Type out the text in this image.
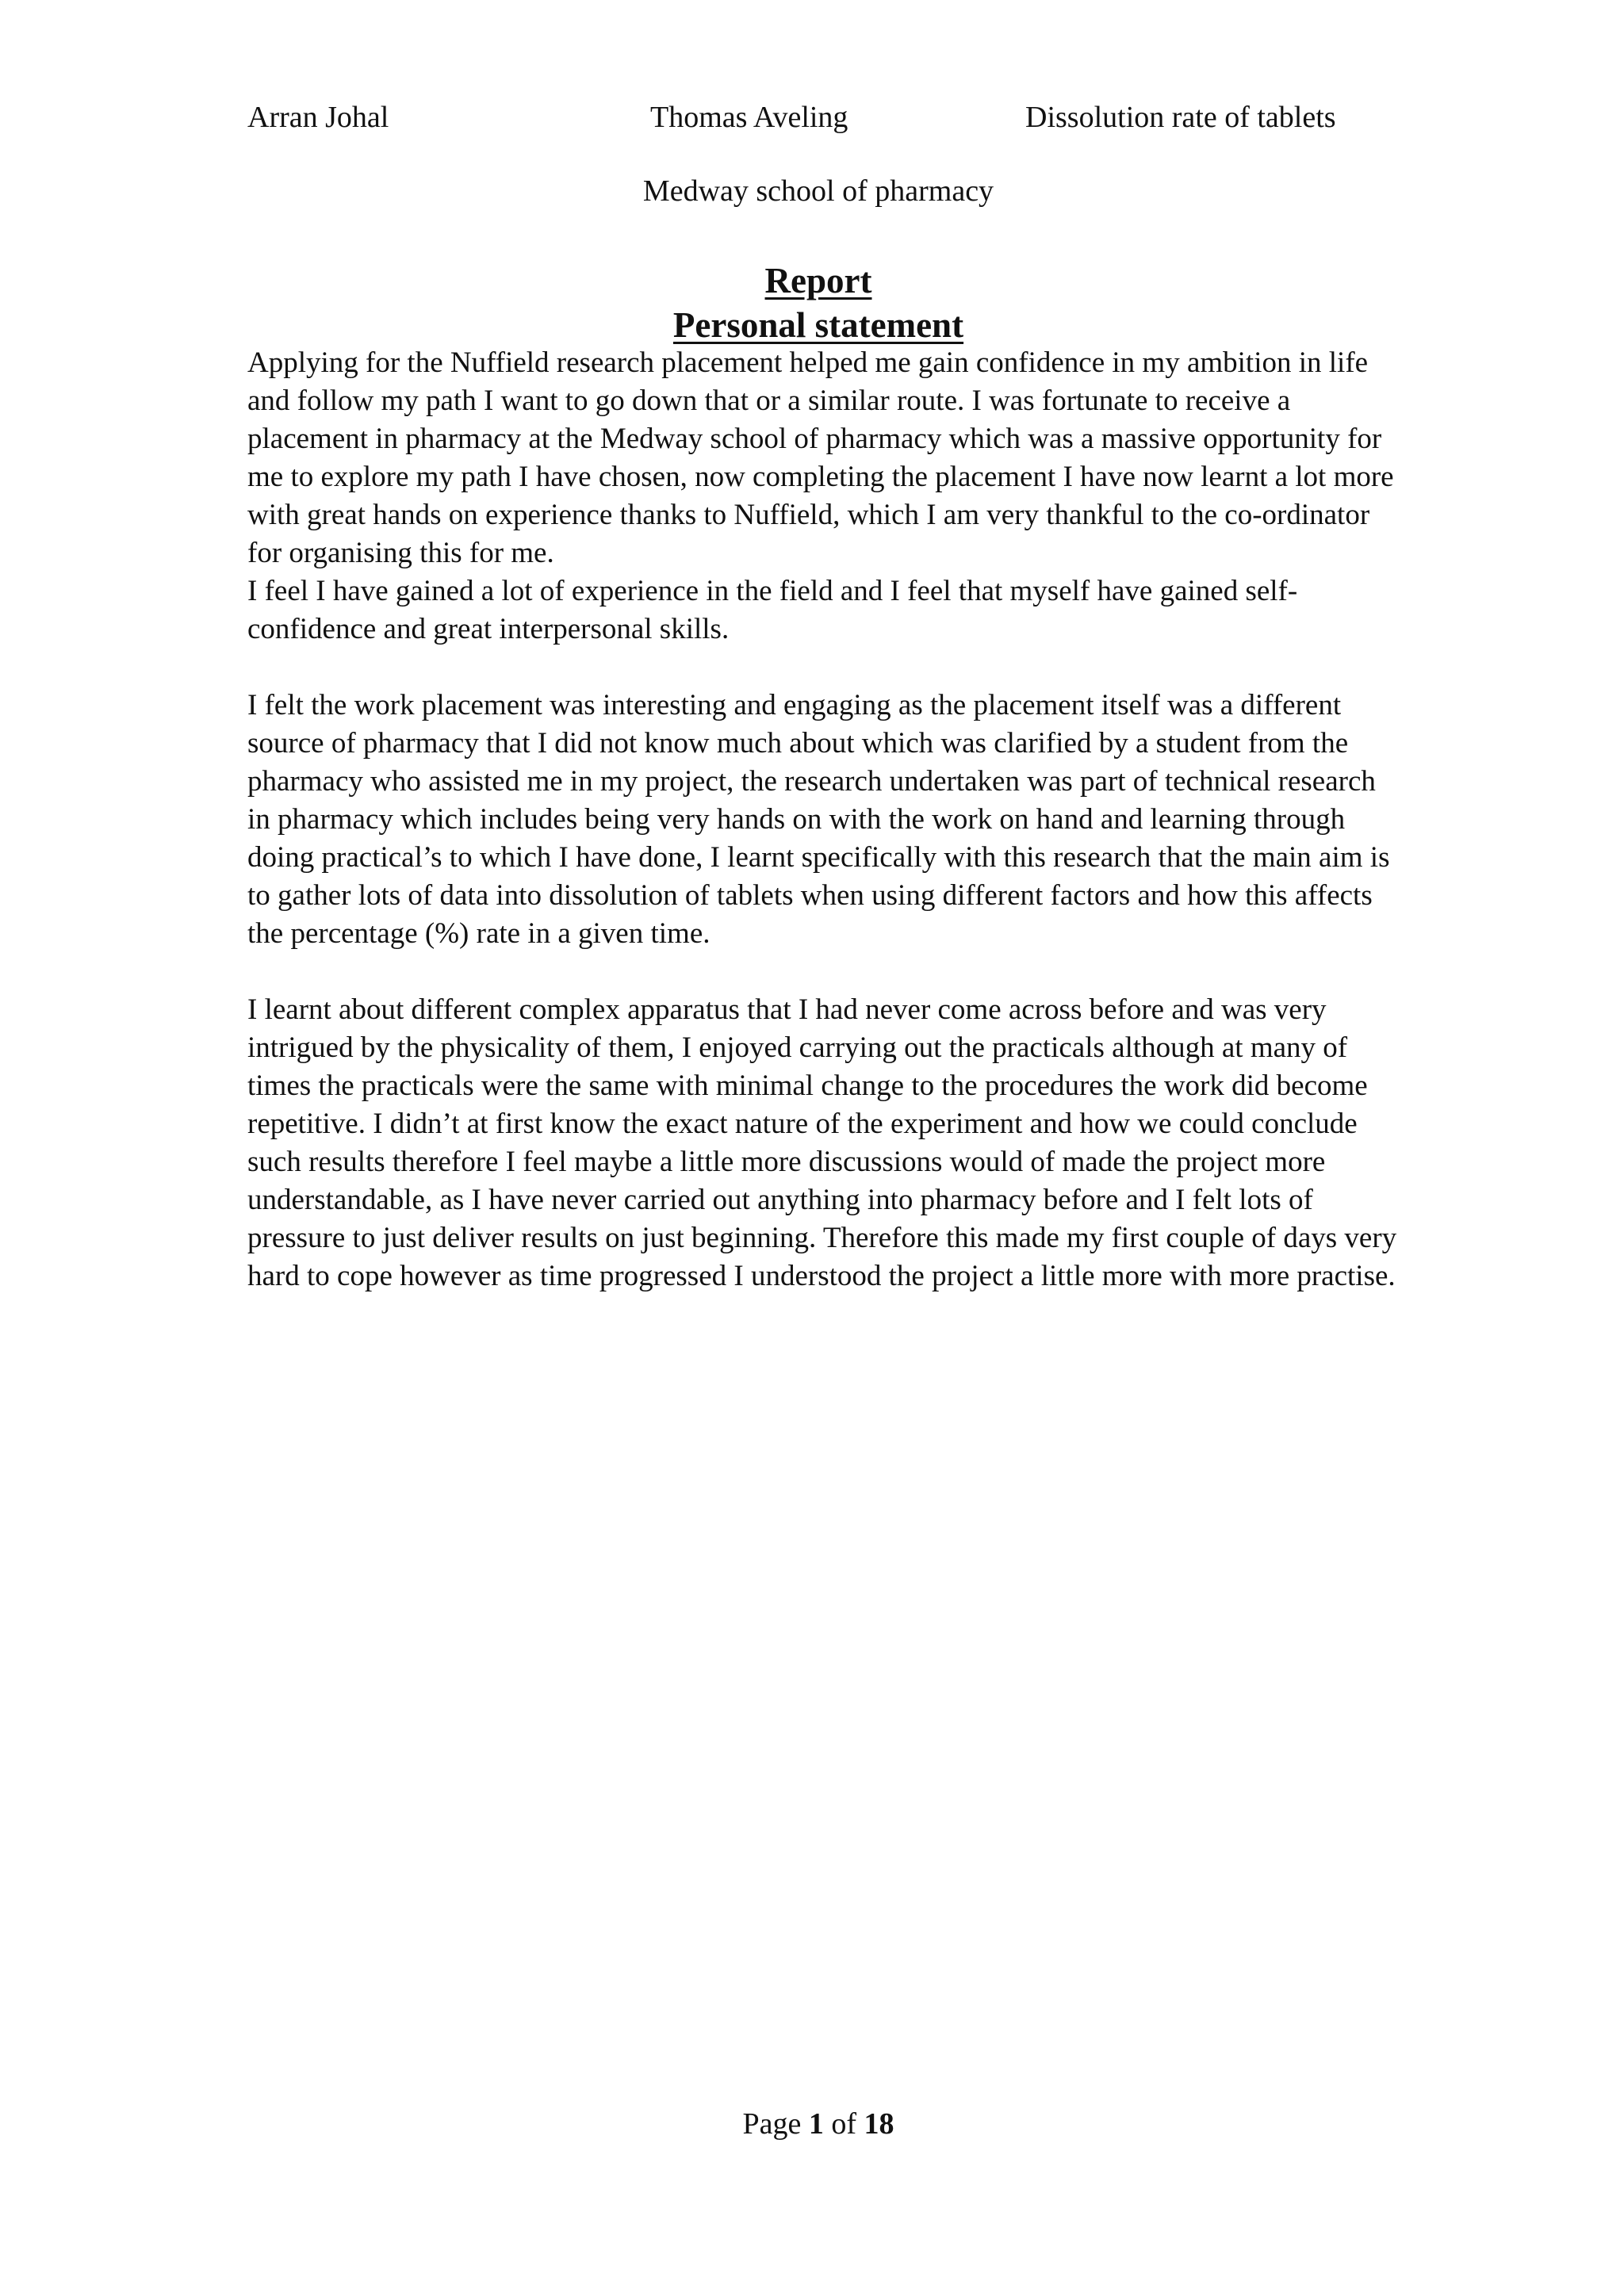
Arran Johal	Thomas Aveling	Dissolution rate of tablets
Medway school of pharmacy
Report
Personal statement

Applying for the Nuffield research placement helped me gain confidence in my ambition in life and follow my path I want to go down that or a similar route. I was fortunate to receive a placement in pharmacy at the Medway school of pharmacy which was a massive opportunity for me to explore my path I have chosen, now completing the placement I have now learnt a lot more with great hands on experience thanks to Nuffield, which I am very thankful to the co-ordinator for organising this for me.

I feel I have gained a lot of experience in the field and I feel that myself have gained self-confidence and great interpersonal skills.

I felt the work placement was interesting and engaging as the placement itself was a different source of pharmacy that I did not know much about which was clarified by a student from the pharmacy who assisted me in my project, the research undertaken was part of technical research in pharmacy which includes being very hands on with the work on hand and learning through doing practical’s to which I have done, I learnt specifically with this research that the main aim is to gather lots of data into dissolution of tablets when using different factors and how this affects the percentage (%) rate in a given time.

I learnt about different complex apparatus that I had never come across before and was very intrigued by the physicality of them, I enjoyed carrying out the practicals although at many of times the practicals were the same with minimal change to the procedures the work did become repetitive. I didn’t at first know the exact nature of the experiment and how we could conclude such results therefore I feel maybe a little more discussions would of made the project more understandable, as I have never carried out anything into pharmacy before and I felt lots of pressure to just deliver results on just beginning. Therefore this made my first couple of days very hard to cope however as time progressed I understood the project a little more with more practise.

Page 1 of 18
